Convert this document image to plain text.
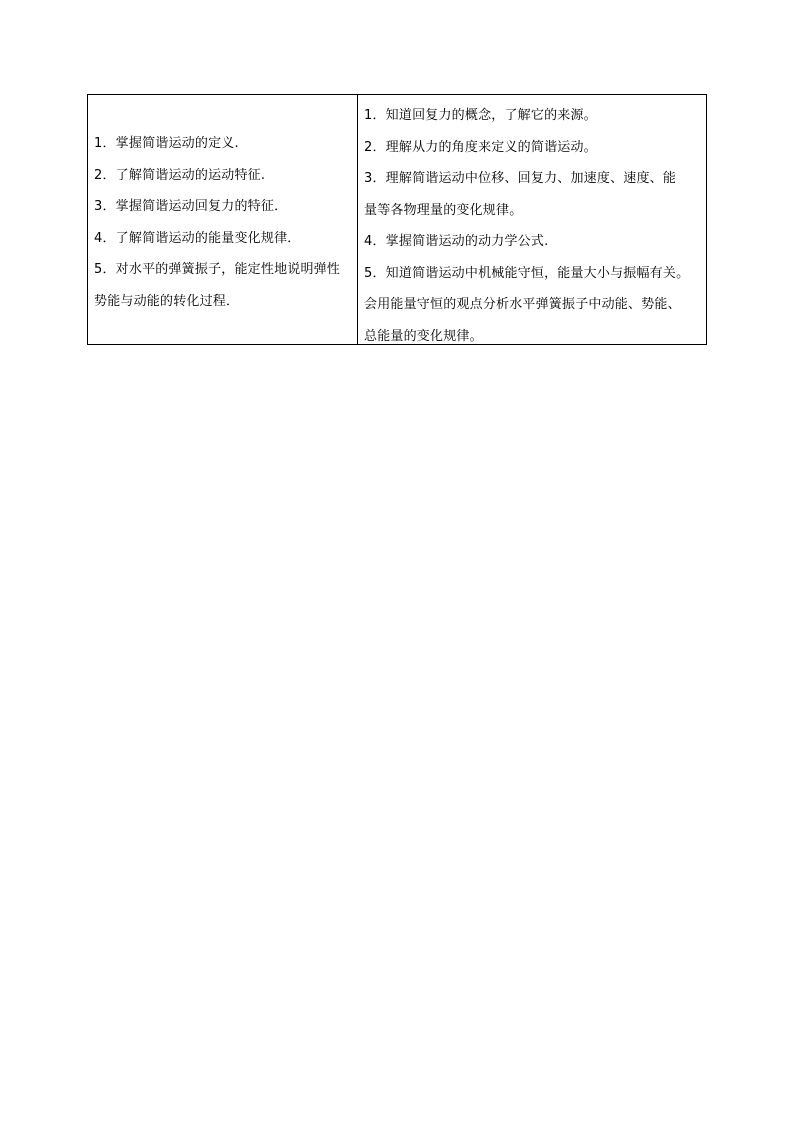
1．掌握简谐运动的定义.
2．了解简谐运动的运动特征.
3．掌握简谐运动回复力的特征．
4．了解简谐运动的能量变化规律．
5．对水平的弹簧振子，能定性地说明弹性
势能与动能的转化过程．
1．知道回复力的概念，了解它的来源。
2．理解从力的角度来定义的简谐运动。
3．理解简谐运动中位移、回复力、加速度、速度、能
量等各物理量的变化规律。
4．掌握简谐运动的动力学公式.
5．知道简谐运动中机械能守恒，能量大小与振幅有关。
会用能量守恒的观点分析水平弹簧振子中动能、势能、
总能量的变化规律。
